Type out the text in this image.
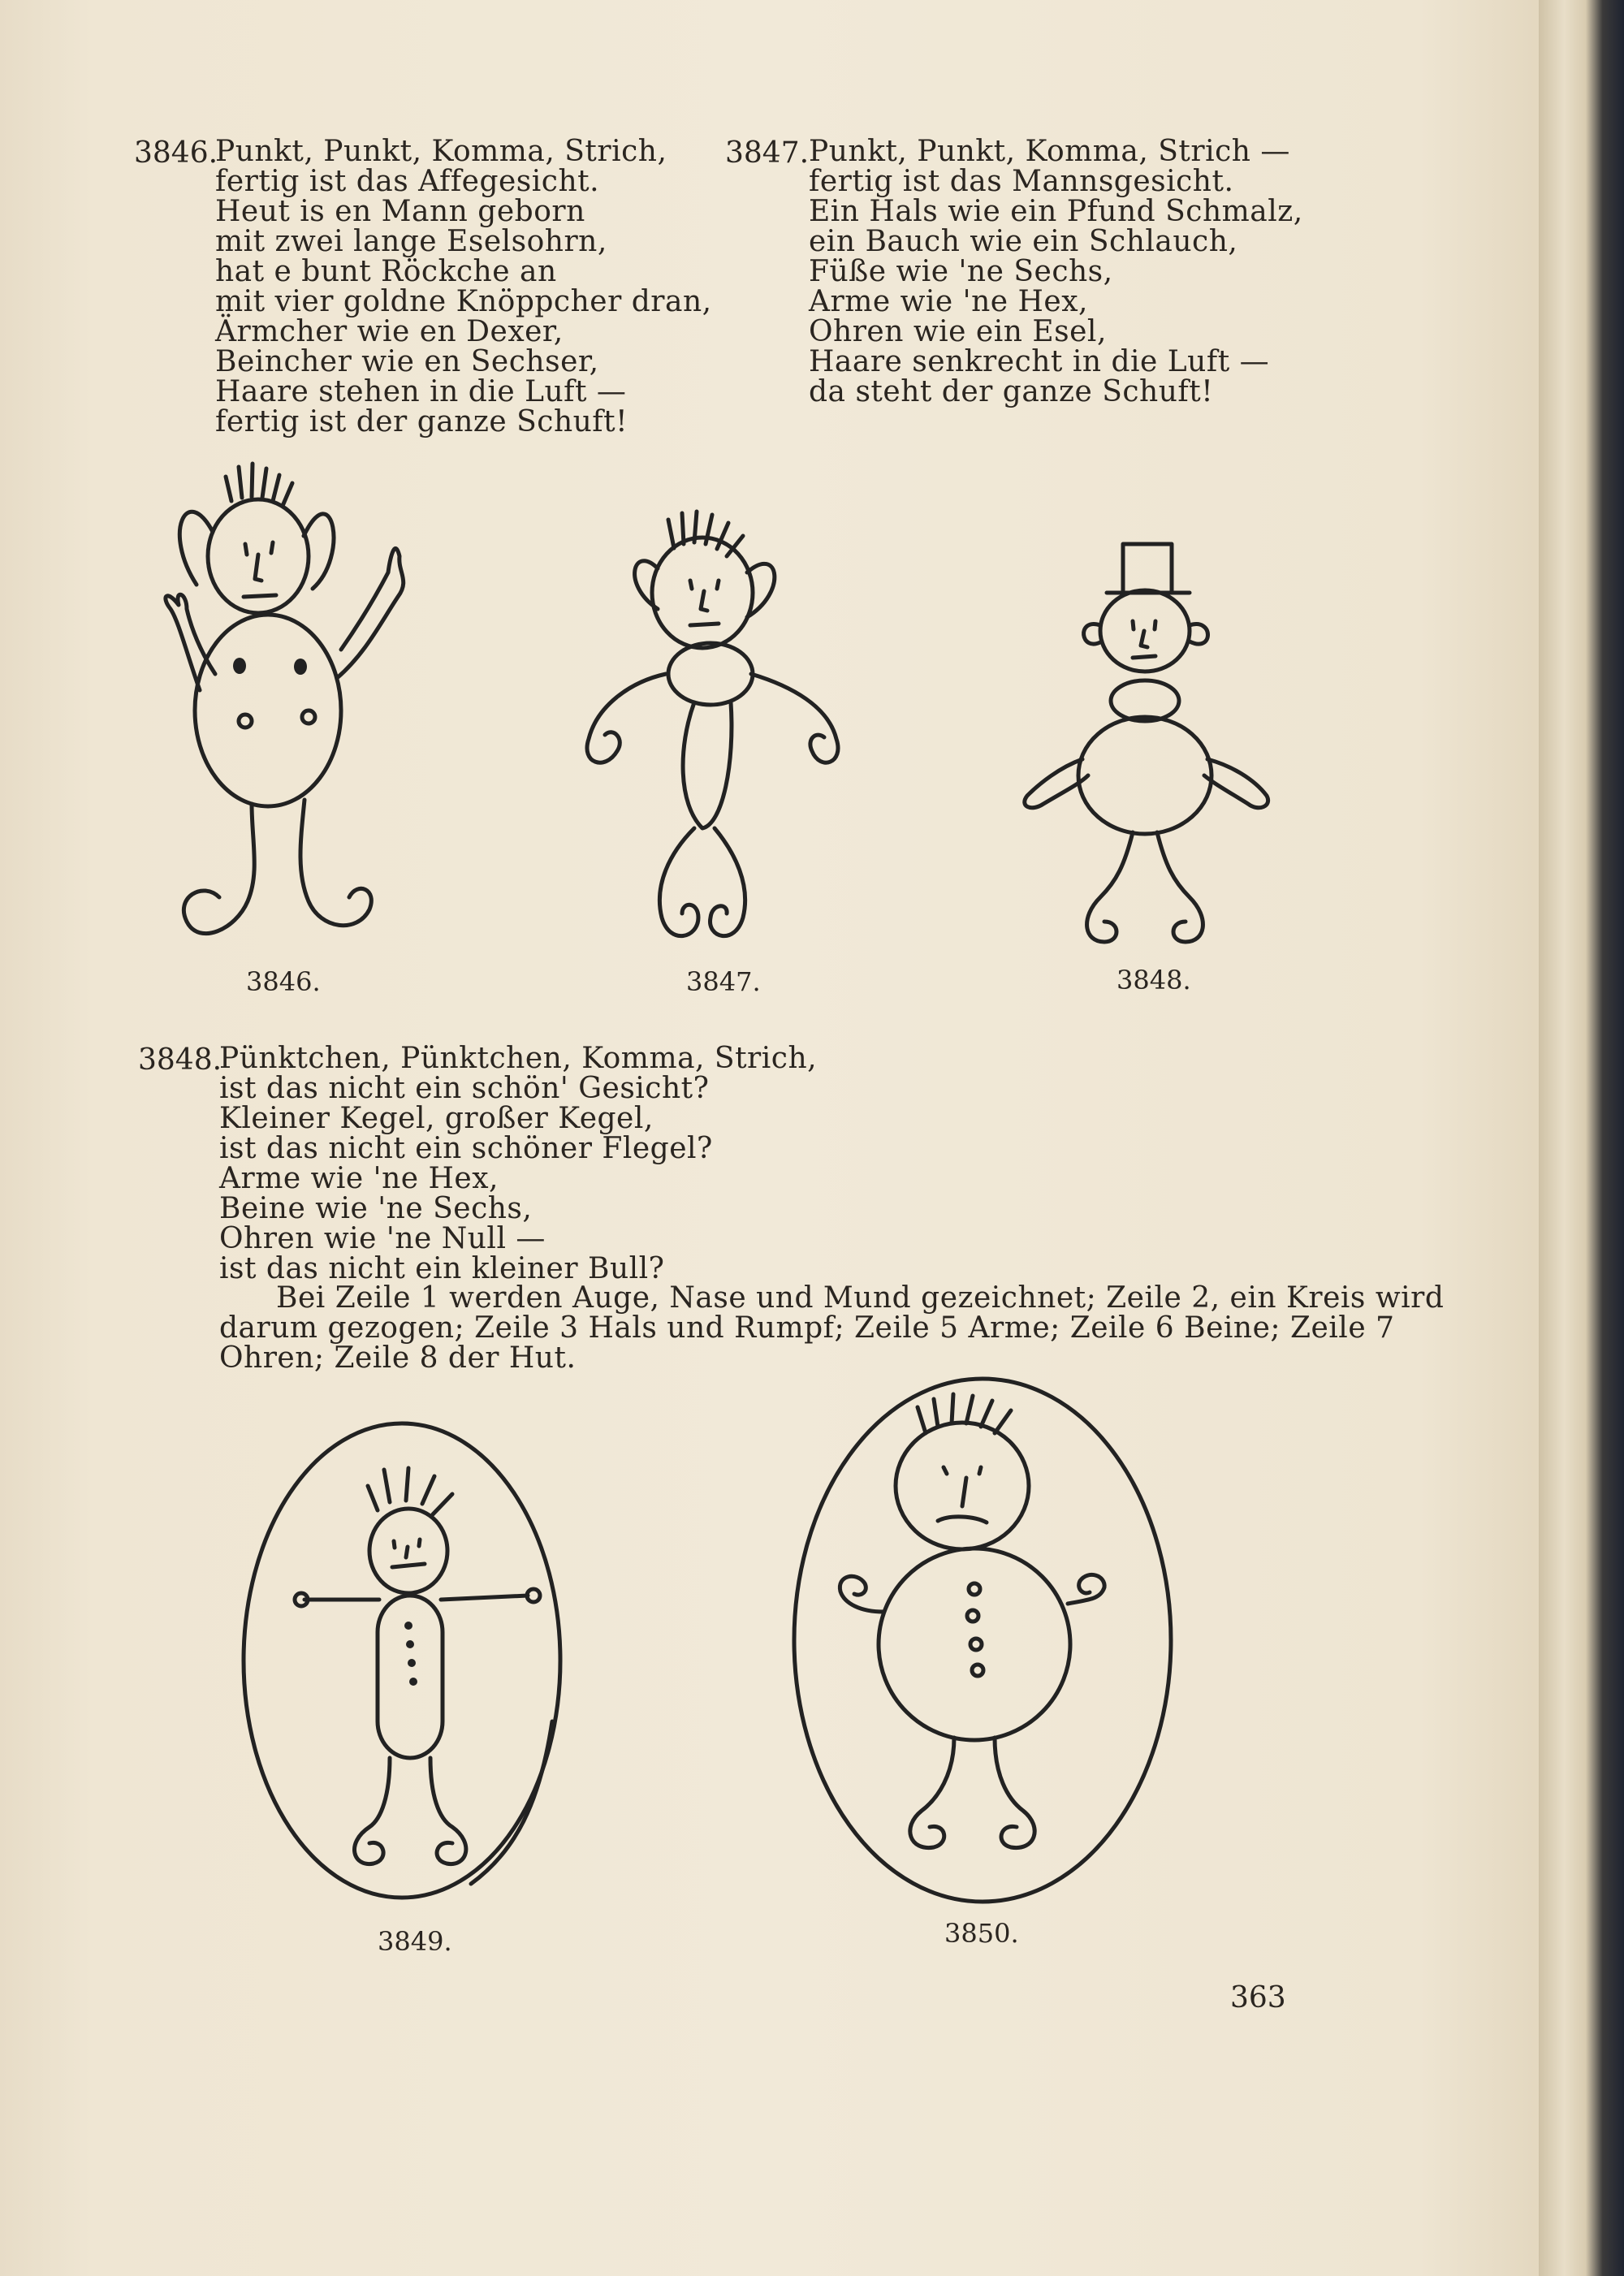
3846.
Punkt, Punkt, Komma, Strich,
fertig ist das Affegesicht.
Heut is en Mann geborn
mit zwei lange Eselsohrn,
hat e bunt Röckche an
mit vier goldne Knöppcher dran,
Ärmcher wie en Dexer,
Beincher wie en Sechser,
Haare stehen in die Luft —
fertig ist der ganze Schuft!
3847. Punkt, Punkt, Komma, Strich —
fertig ist das Mannsgesicht.
Ein Hals wie ein Pfund Schmalz,
ein Bauch wie ein Schlauch,
Füße wie 'ne Sechs,
Arme wie 'ne Hex,
Ohren wie ein Esel,
Haare senkrecht in die Luft —
da steht der ganze Schuft!
3846.	3847.	3848.
3848.
Pünktchen, Pünktchen, Komma, Strich,
ist das nicht ein schön' Gesicht?
Kleiner Kegel, großer Kegel,
ist das nicht ein schöner Flegel?
Arme wie 'ne Hex,
Beine wie 'ne Sechs,
Ohren wie 'ne Null —
ist das nicht ein kleiner Bull?
Bei Zeile 1 werden Auge, Nase und Mund gezeichnet; Zeile 2, ein Kreis wird
darum gezogen; Zeile 3 Hals und Rumpf; Zeile 5 Arme; Zeile 6 Beine; Zeile 7
Ohren; Zeile 8 der Hut.
3849.	3850.
363
